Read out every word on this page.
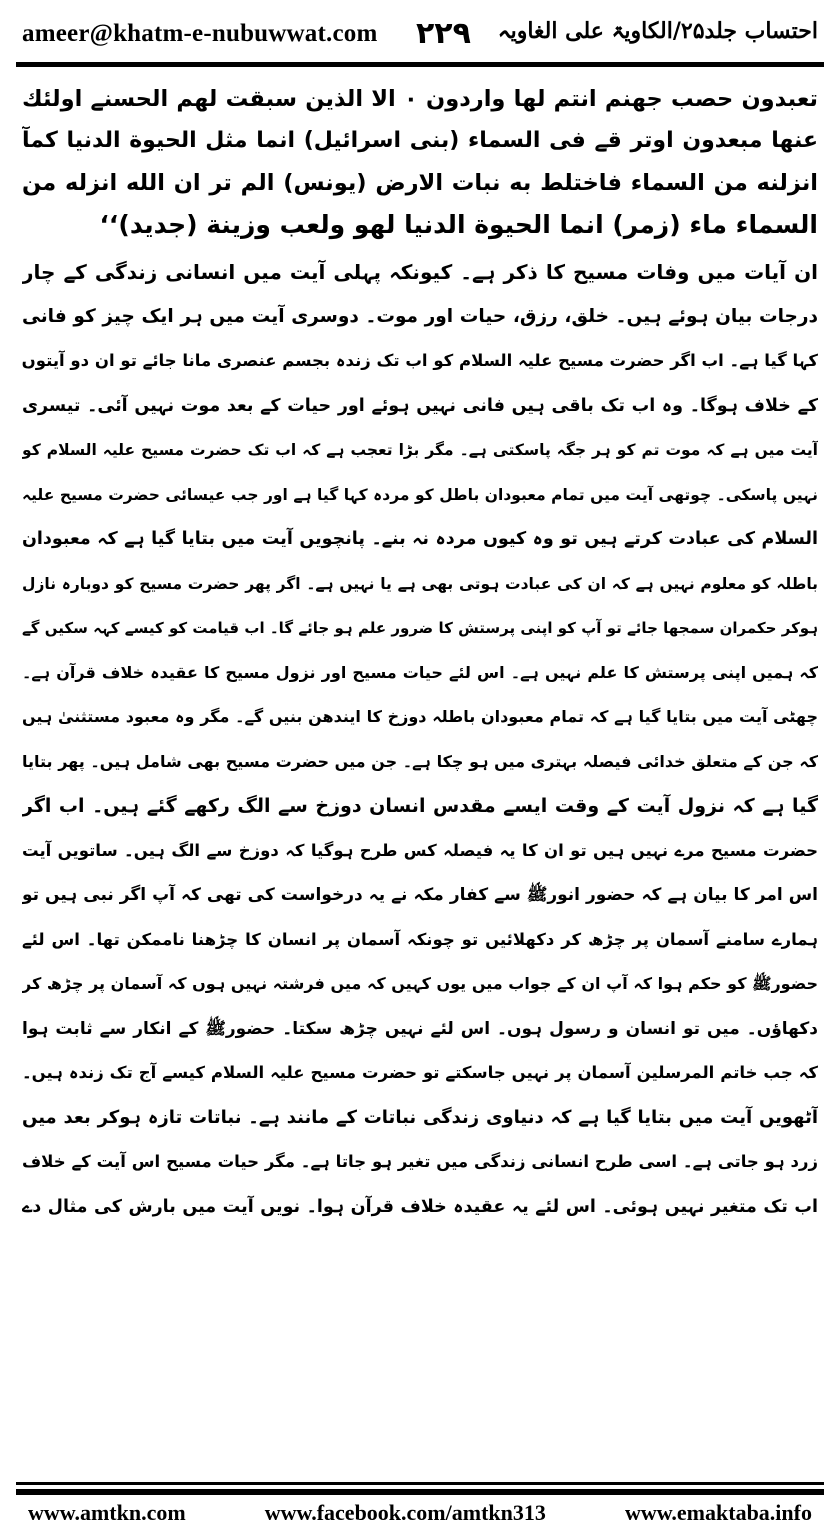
ameer@khatm-e-nubuwwat.com ۲۲۹ احتساب جلد۲۵/الکاویۃ علی الغاویہ
تعبدون حصب جهنم انتم لها واردون ۰ الا الذين سبقت لهم الحسنے اولئك
عنها مبعدون اوتر قے فی السماء (بنی اسرائیل) انما مثل الحيوة الدنيا كمآ
انزلنه من السماء فاختلط به نبات الارض (یونس) الم تر ان الله انزله من
السماء ماء (زمر) انما الحيوة الدنيا لهو ولعب وزينة (جدید)‘‘
ان آیات میں وفات مسیح کا ذکر ہے۔ کیونکہ پہلی آیت میں انسانی زندگی کے چار
درجات بیان ہوئے ہیں۔ خلق، رزق، حیات اور موت۔ دوسری آیت میں ہر ایک چیز کو فانی
کہا گیا ہے۔ اب اگر حضرت مسیح علیہ السلام کو اب تک زندہ بجسم عنصری مانا جائے تو ان دو آیتوں
کے خلاف ہوگا۔ وہ اب تک باقی ہیں فانی نہیں ہوئے اور حیات کے بعد موت نہیں آئی۔ تیسری
آیت میں ہے کہ موت تم کو ہر جگہ پاسکتی ہے۔ مگر بڑا تعجب ہے کہ اب تک حضرت مسیح علیہ السلام کو
نہیں پاسکی۔ چوتھی آیت میں تمام معبودان باطل کو مردہ کہا گیا ہے اور جب عیسائی حضرت مسیح علیہ
السلام کی عبادت کرتے ہیں تو وہ کیوں مردہ نہ بنے۔ پانچویں آیت میں بتایا گیا ہے کہ معبودان
باطلہ کو معلوم نہیں ہے کہ ان کی عبادت ہوتی بھی ہے یا نہیں ہے۔ اگر پھر حضرت مسیح کو دوبارہ نازل
ہوکر حکمران سمجھا جائے تو آپ کو اپنی پرستش کا ضرور علم ہو جائے گا۔ اب قیامت کو کیسے کہہ سکیں گے
کہ ہمیں اپنی پرستش کا علم نہیں ہے۔ اس لئے حیات مسیح اور نزول مسیح کا عقیدہ خلاف قرآن ہے۔
چھٹی آیت میں بتایا گیا ہے کہ تمام معبودان باطلہ دوزخ کا ایندھن بنیں گے۔ مگر وہ معبود مستثنیٰ ہیں
کہ جن کے متعلق خدائی فیصلہ بہتری میں ہو چکا ہے۔ جن میں حضرت مسیح بھی شامل ہیں۔ پھر بتایا
گیا ہے کہ نزول آیت کے وقت ایسے مقدس انسان دوزخ سے الگ رکھے گئے ہیں۔ اب اگر
حضرت مسیح مرے نہیں ہیں تو ان کا یہ فیصلہ کس طرح ہوگیا کہ دوزخ سے الگ ہیں۔ ساتویں آیت
اس امر کا بیان ہے کہ حضور انورﷺ سے کفار مکہ نے یہ درخواست کی تھی کہ آپ اگر نبی ہیں تو
ہمارے سامنے آسمان پر چڑھ کر دکھلائیں تو چونکہ آسمان پر انسان کا چڑھنا ناممکن تھا۔ اس لئے
حضورﷺ کو حکم ہوا کہ آپ ان کے جواب میں یوں کہیں کہ میں فرشتہ نہیں ہوں کہ آسمان پر چڑھ کر
دکھاؤں۔ میں تو انسان و رسول ہوں۔ اس لئے نہیں چڑھ سکتا۔ حضورﷺ کے انکار سے ثابت ہوا
کہ جب خاتم المرسلین آسمان پر نہیں جاسکتے تو حضرت مسیح علیہ السلام کیسے آج تک زندہ ہیں۔
آٹھویں آیت میں بتایا گیا ہے کہ دنیاوی زندگی نباتات کے مانند ہے۔ نباتات تازہ ہوکر بعد میں
زرد ہو جاتی ہے۔ اسی طرح انسانی زندگی میں تغیر ہو جاتا ہے۔ مگر حیات مسیح اس آیت کے خلاف
اب تک متغیر نہیں ہوئی۔ اس لئے یہ عقیدہ خلاف قرآن ہوا۔ نویں آیت میں بارش کی مثال دے
www.amtkn.com	www.facebook.com/amtkn313	www.emaktaba.info
